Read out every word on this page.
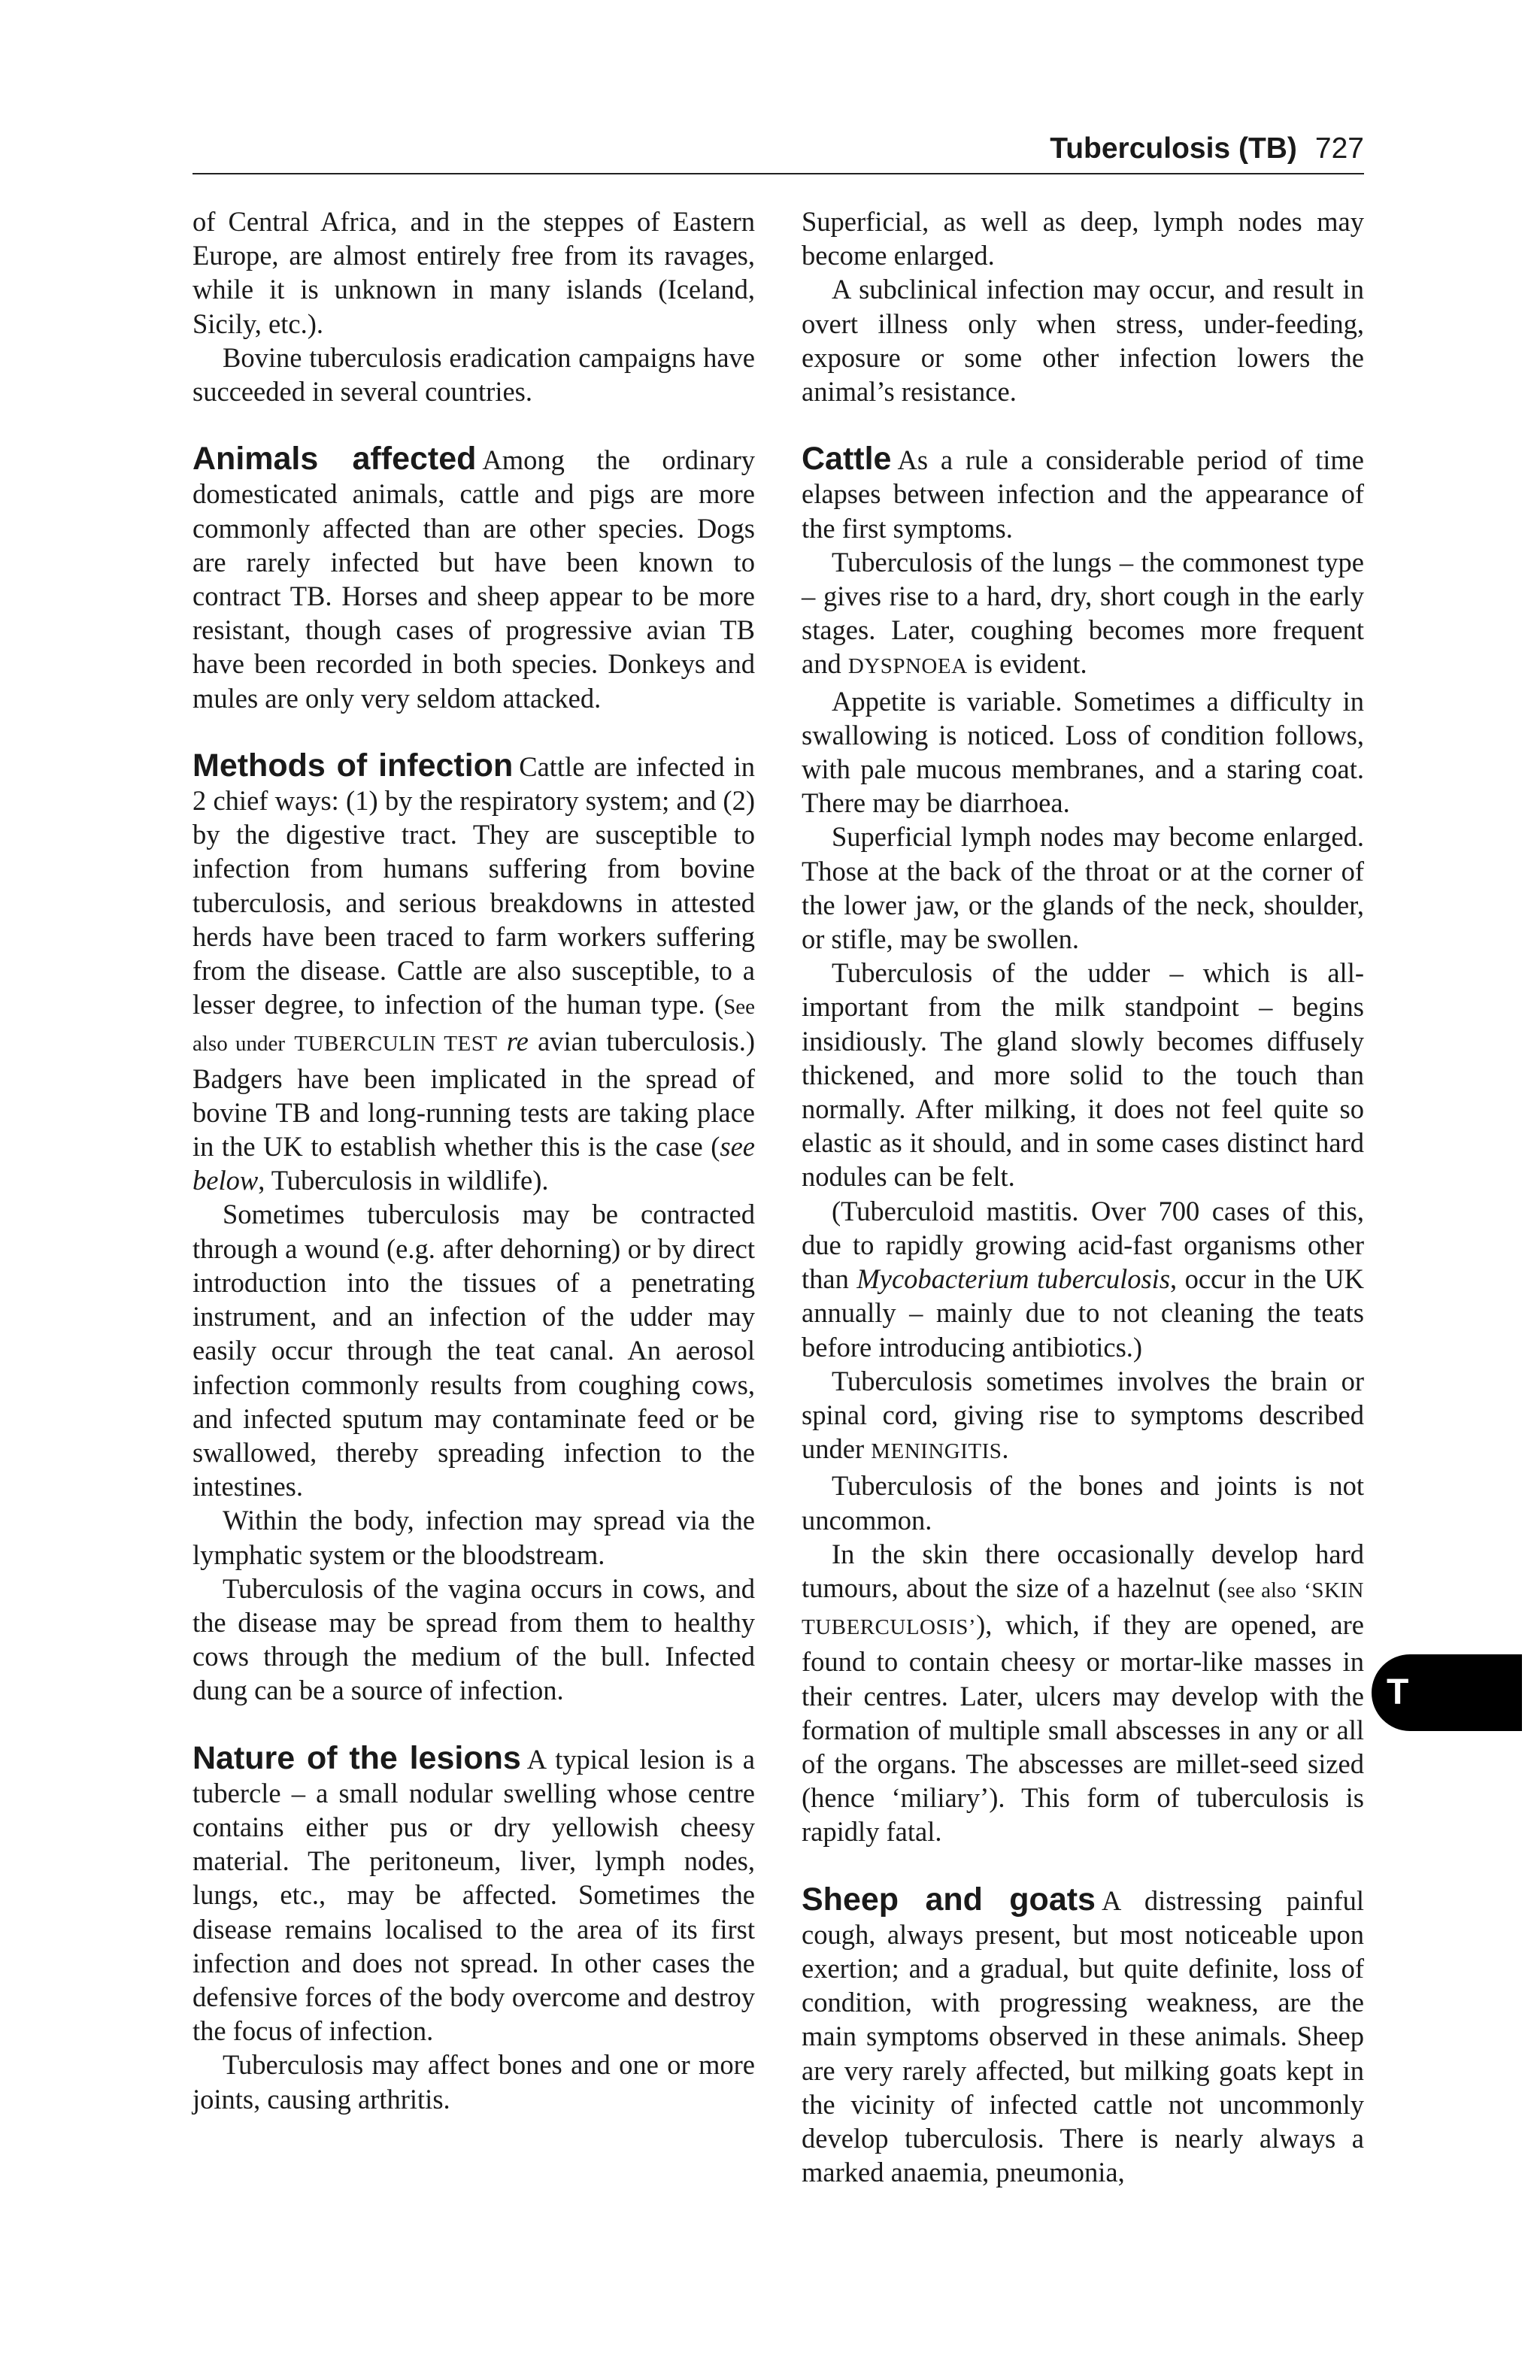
Tuberculosis (TB) 727

of Central Africa, and in the steppes of Eastern Europe, are almost entirely free from its ravages, while it is unknown in many islands (Iceland, Sicily, etc.).

Bovine tuberculosis eradication campaigns have succeeded in several countries.

Animals affected Among the ordinary domesticated animals, cattle and pigs are more commonly affected than are other species. Dogs are rarely infected but have been known to contract TB. Horses and sheep appear to be more resistant, though cases of progressive avian TB have been recorded in both species. Donkeys and mules are only very seldom attacked.

Methods of infection Cattle are infected in 2 chief ways: (1) by the respiratory system; and (2) by the digestive tract. They are susceptible to infection from humans suffering from bovine tuberculosis, and serious breakdowns in attested herds have been traced to farm workers suffering from the disease. Cattle are also susceptible, to a lesser degree, to infection of the human type. (See also under TUBERCULIN TEST re avian tuberculosis.) Badgers have been implicated in the spread of bovine TB and long-running tests are taking place in the UK to establish whether this is the case (see below, Tuberculosis in wildlife).

Sometimes tuberculosis may be contracted through a wound (e.g. after dehorning) or by direct introduction into the tissues of a penetrating instrument, and an infection of the udder may easily occur through the teat canal. An aerosol infection commonly results from coughing cows, and infected sputum may contaminate feed or be swallowed, thereby spreading infection to the intestines.

Within the body, infection may spread via the lymphatic system or the bloodstream.

Tuberculosis of the vagina occurs in cows, and the disease may be spread from them to healthy cows through the medium of the bull. Infected dung can be a source of infection.

Nature of the lesions A typical lesion is a tubercle – a small nodular swelling whose centre contains either pus or dry yellowish cheesy material. The peritoneum, liver, lymph nodes, lungs, etc., may be affected. Sometimes the disease remains localised to the area of its first infection and does not spread. In other cases the defensive forces of the body overcome and destroy the focus of infection.

Tuberculosis may affect bones and one or more joints, causing arthritis.

Superficial, as well as deep, lymph nodes may become enlarged.

A subclinical infection may occur, and result in overt illness only when stress, under-feeding, exposure or some other infection lowers the animal’s resistance.

Cattle As a rule a considerable period of time elapses between infection and the appearance of the first symptoms.

Tuberculosis of the lungs – the commonest type – gives rise to a hard, dry, short cough in the early stages. Later, coughing becomes more frequent and DYSPNOEA is evident.

Appetite is variable. Sometimes a difficulty in swallowing is noticed. Loss of condition follows, with pale mucous membranes, and a staring coat. There may be diarrhoea.

Superficial lymph nodes may become enlarged. Those at the back of the throat or at the corner of the lower jaw, or the glands of the neck, shoulder, or stifle, may be swollen.

Tuberculosis of the udder – which is all-important from the milk standpoint – begins insidiously. The gland slowly becomes diffusely thickened, and more solid to the touch than normally. After milking, it does not feel quite so elastic as it should, and in some cases distinct hard nodules can be felt.

(Tuberculoid mastitis. Over 700 cases of this, due to rapidly growing acid-fast organisms other than Mycobacterium tuberculosis, occur in the UK annually – mainly due to not cleaning the teats before introducing antibiotics.)

Tuberculosis sometimes involves the brain or spinal cord, giving rise to symptoms described under MENINGITIS.

Tuberculosis of the bones and joints is not uncommon.

In the skin there occasionally develop hard tumours, about the size of a hazelnut (see also ‘SKIN TUBERCULOSIS’), which, if they are opened, are found to contain cheesy or mortar-like masses in their centres. Later, ulcers may develop with the formation of multiple small abscesses in any or all of the organs. The abscesses are millet-seed sized (hence ‘miliary’). This form of tuberculosis is rapidly fatal.

Sheep and goats A distressing painful cough, always present, but most noticeable upon exertion; and a gradual, but quite definite, loss of condition, with progressing weakness, are the main symptoms observed in these animals. Sheep are very rarely affected, but milking goats kept in the vicinity of infected cattle not uncommonly develop tuberculosis. There is nearly always a marked anaemia, pneumonia,

T
